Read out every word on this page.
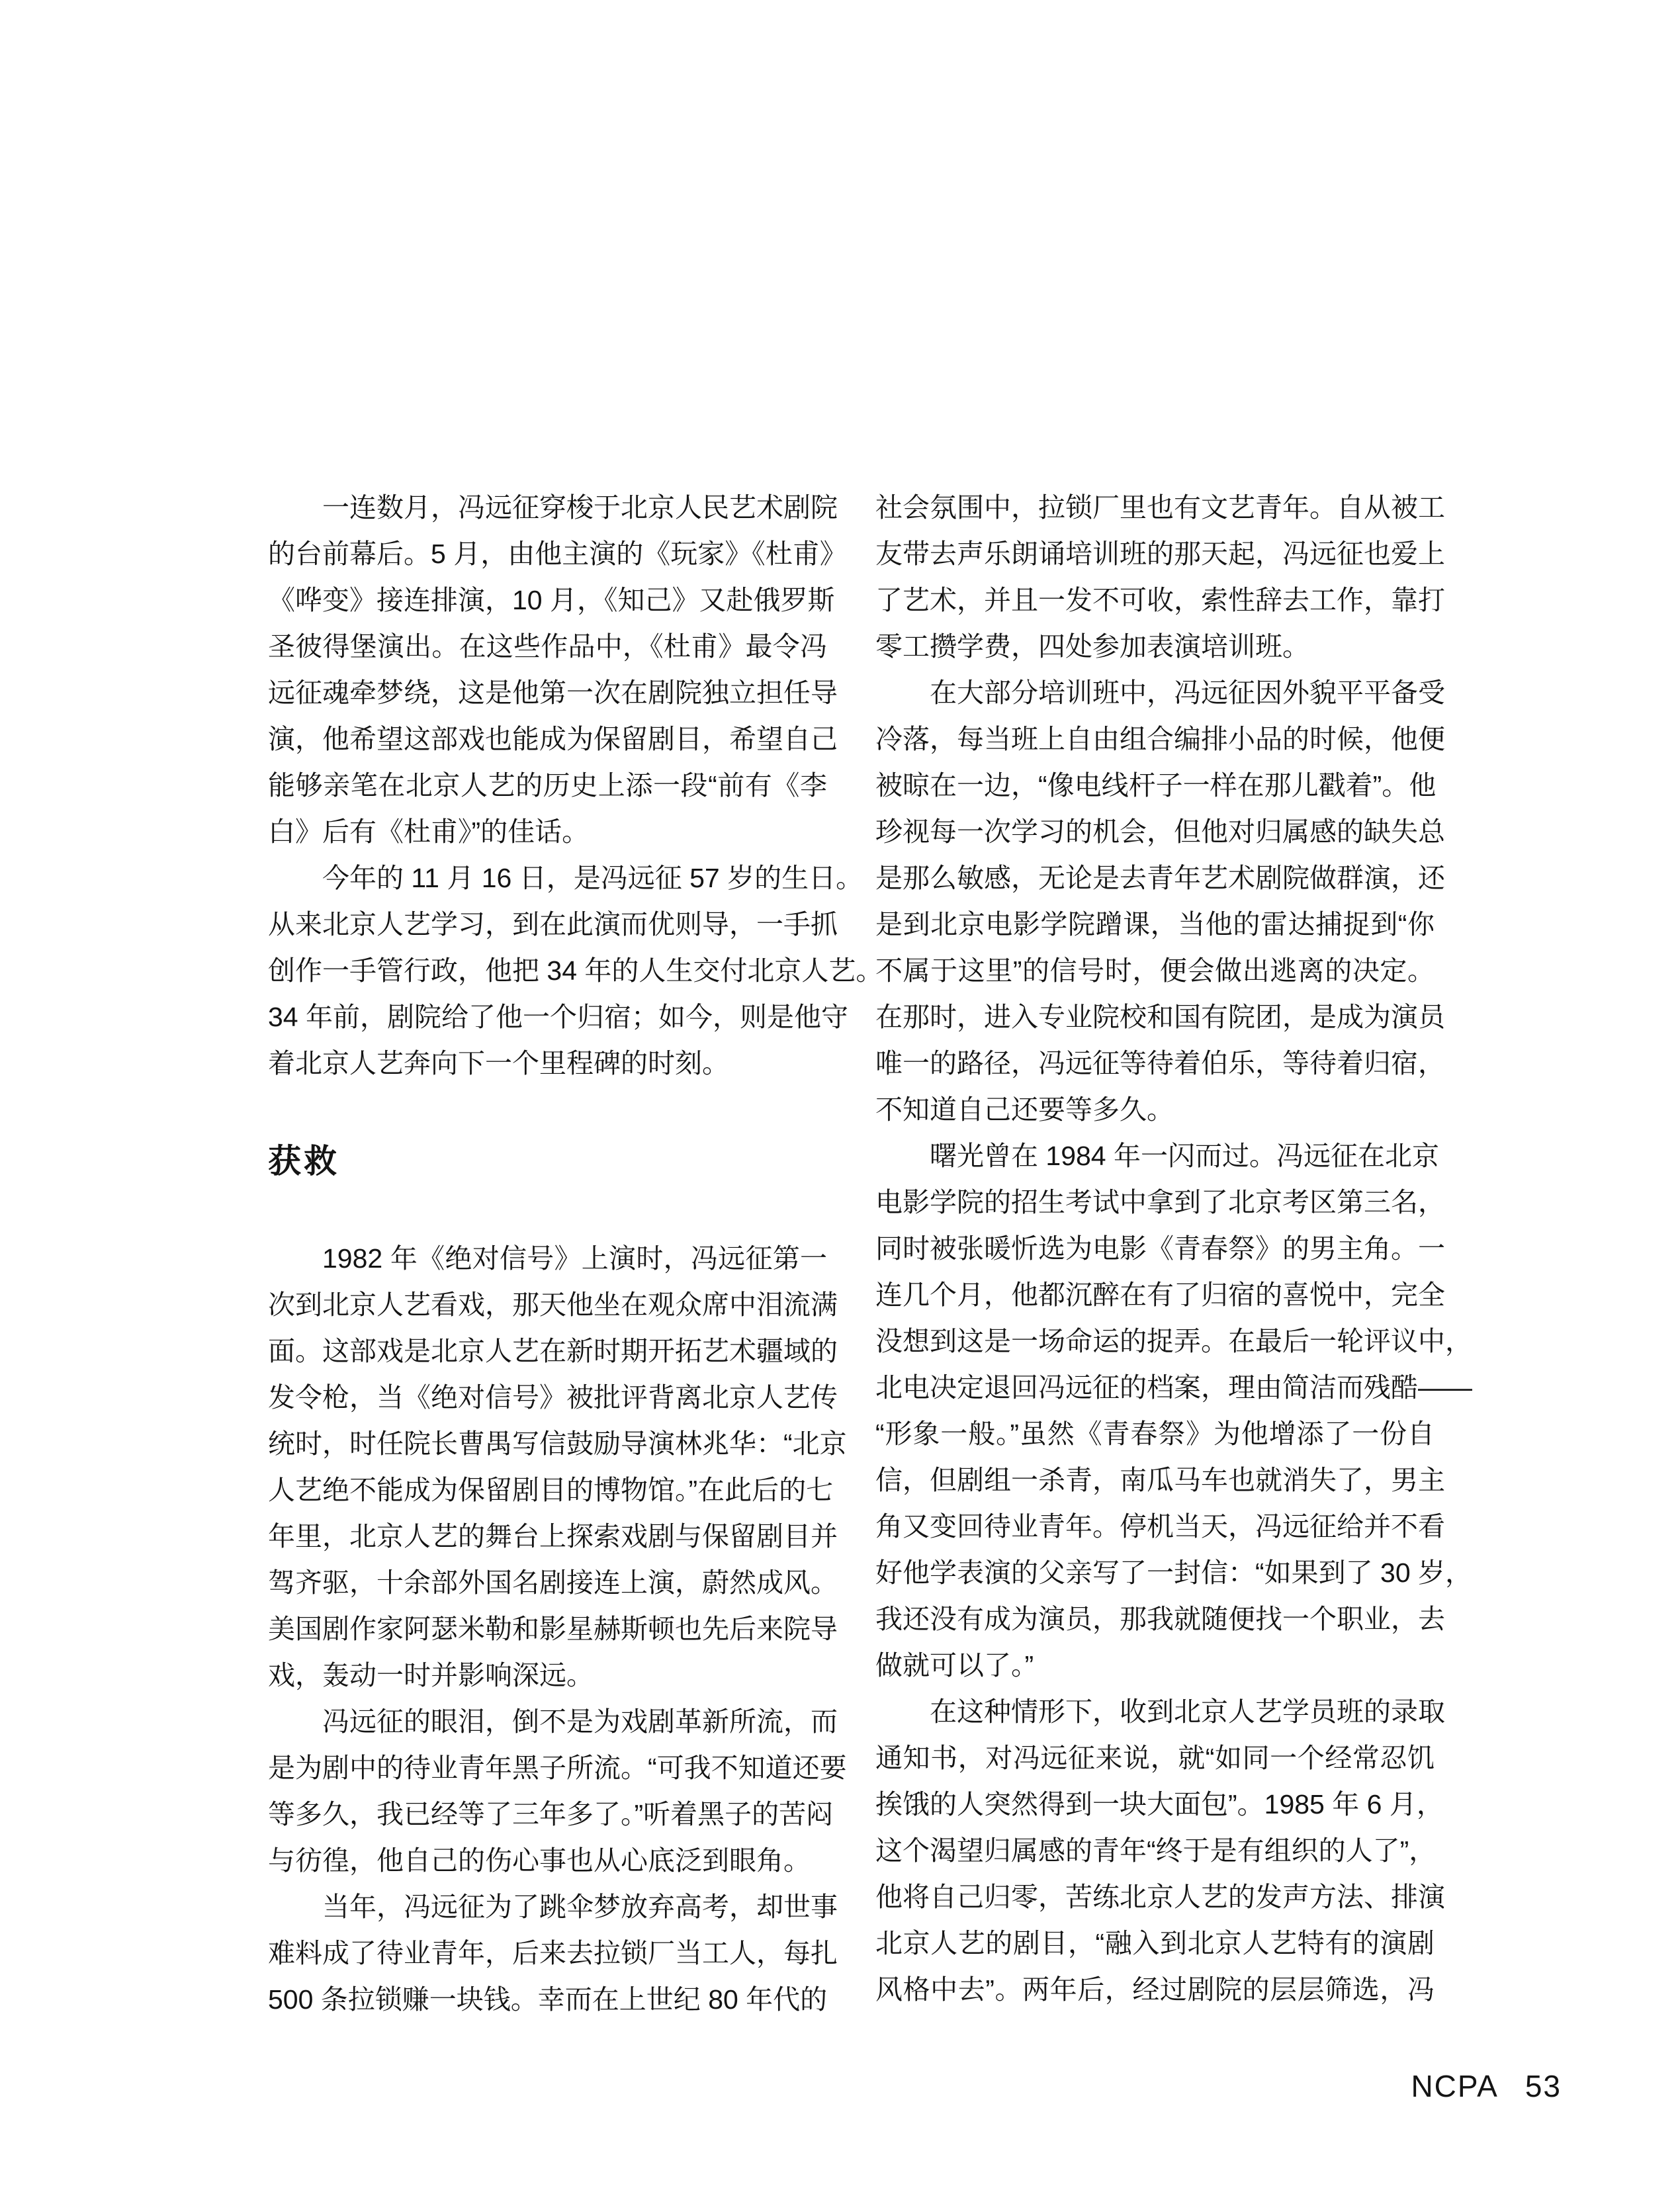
一连数月，冯远征穿梭于北京人民艺术剧院
的台前幕后。5 月，由他主演的《玩家》《杜甫》
《哗变》接连排演，10 月，《知己》又赴俄罗斯
圣彼得堡演出。在这些作品中，《杜甫》最令冯
远征魂牵梦绕，这是他第一次在剧院独立担任导
演，他希望这部戏也能成为保留剧目，希望自己
能够亲笔在北京人艺的历史上添一段“前有《李
白》后有《杜甫》”的佳话。
今年的 11 月 16 日，是冯远征 57 岁的生日。
从来北京人艺学习，到在此演而优则导，一手抓
创作一手管行政，他把 34 年的人生交付北京人艺。
34 年前，剧院给了他一个归宿；如今，则是他守
着北京人艺奔向下一个里程碑的时刻。
获救
1982 年《绝对信号》上演时，冯远征第一
次到北京人艺看戏，那天他坐在观众席中泪流满
面。这部戏是北京人艺在新时期开拓艺术疆域的
发令枪，当《绝对信号》被批评背离北京人艺传
统时，时任院长曹禺写信鼓励导演林兆华：“北京
人艺绝不能成为保留剧目的博物馆。”在此后的七
年里，北京人艺的舞台上探索戏剧与保留剧目并
驾齐驱，十余部外国名剧接连上演，蔚然成风。
美国剧作家阿瑟米勒和影星赫斯顿也先后来院导
戏，轰动一时并影响深远。
冯远征的眼泪，倒不是为戏剧革新所流，而
是为剧中的待业青年黑子所流。“可我不知道还要
等多久，我已经等了三年多了。”听着黑子的苦闷
与彷徨，他自己的伤心事也从心底泛到眼角。
当年，冯远征为了跳伞梦放弃高考，却世事
难料成了待业青年，后来去拉锁厂当工人，每扎
500 条拉锁赚一块钱。幸而在上世纪 80 年代的
社会氛围中，拉锁厂里也有文艺青年。自从被工
友带去声乐朗诵培训班的那天起，冯远征也爱上
了艺术，并且一发不可收，索性辞去工作，靠打
零工攒学费，四处参加表演培训班。
在大部分培训班中，冯远征因外貌平平备受
冷落，每当班上自由组合编排小品的时候，他便
被晾在一边，“像电线杆子一样在那儿戳着”。他
珍视每一次学习的机会，但他对归属感的缺失总
是那么敏感，无论是去青年艺术剧院做群演，还
是到北京电影学院蹭课，当他的雷达捕捉到“你
不属于这里”的信号时，便会做出逃离的决定。
在那时，进入专业院校和国有院团，是成为演员
唯一的路径，冯远征等待着伯乐，等待着归宿，
不知道自己还要等多久。
曙光曾在 1984 年一闪而过。冯远征在北京
电影学院的招生考试中拿到了北京考区第三名，
同时被张暖忻选为电影《青春祭》的男主角。一
连几个月，他都沉醉在有了归宿的喜悦中，完全
没想到这是一场命运的捉弄。在最后一轮评议中，
北电决定退回冯远征的档案，理由简洁而残酷——
“形象一般。”虽然《青春祭》为他增添了一份自
信，但剧组一杀青，南瓜马车也就消失了，男主
角又变回待业青年。停机当天，冯远征给并不看
好他学表演的父亲写了一封信：“如果到了 30 岁，
我还没有成为演员，那我就随便找一个职业，去
做就可以了。”
在这种情形下，收到北京人艺学员班的录取
通知书，对冯远征来说，就“如同一个经常忍饥
挨饿的人突然得到一块大面包”。1985 年 6 月，
这个渴望归属感的青年“终于是有组织的人了”，
他将自己归零，苦练北京人艺的发声方法、排演
北京人艺的剧目，“融入到北京人艺特有的演剧
风格中去”。两年后，经过剧院的层层筛选，冯
NCPA 53
